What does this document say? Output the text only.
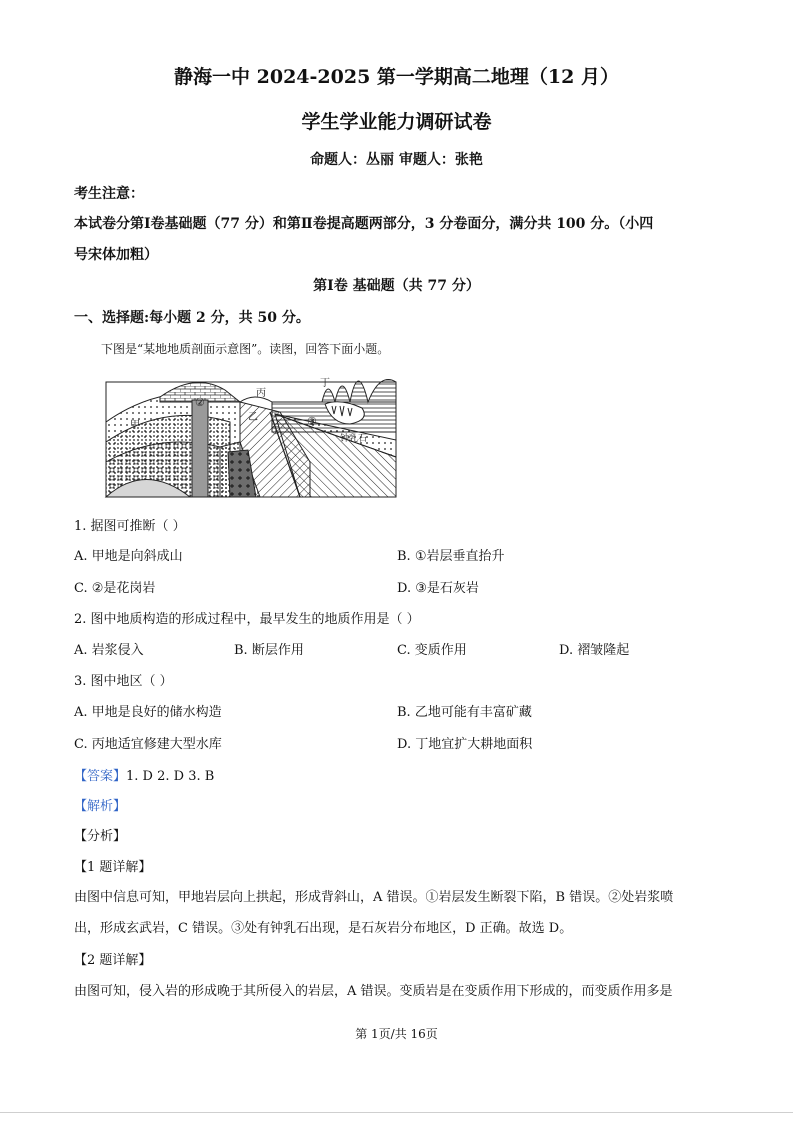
静海一中 2024-2025 第一学期高二地理（12 月）
学生学业能力调研试卷
命题人：丛丽 审题人：张艳
考生注意：
本试卷分第Ⅰ卷基础题（77 分）和第Ⅱ卷提高题两部分，3 分卷面分，满分共 100 分。（小四
号宋体加粗）
第Ⅰ卷 基础题（共 77 分）
一、选择题:每小题 2 分，共 50 分。
下图是“某地地质剖面示意图”。读图，回答下面小题。
甲
乙
丙
丁
②
①
③
钟乳石
1. 据图可推断（ ）
A. 甲地是向斜成山	B. ①岩层垂直抬升
C. ②是花岗岩	D. ③是石灰岩
2. 图中地质构造的形成过程中，最早发生的地质作用是（ ）
A. 岩浆侵入	B. 断层作用	C. 变质作用	D. 褶皱隆起
3. 图中地区（ ）
A. 甲地是良好的储水构造	B. 乙地可能有丰富矿藏
C. 丙地适宜修建大型水库	D. 丁地宜扩大耕地面积
【答案】1. D 2. D 3. B
【解析】
【分析】
【1 题详解】
由图中信息可知，甲地岩层向上拱起，形成背斜山，A 错误。①岩层发生断裂下陷，B 错误。②处岩浆喷
出，形成玄武岩，C 错误。③处有钟乳石出现，是石灰岩分布地区，D 正确。故选 D。
【2 题详解】
由图可知，侵入岩的形成晚于其所侵入的岩层，A 错误。变质岩是在变质作用下形成的，而变质作用多是
第 1页/共 16页
